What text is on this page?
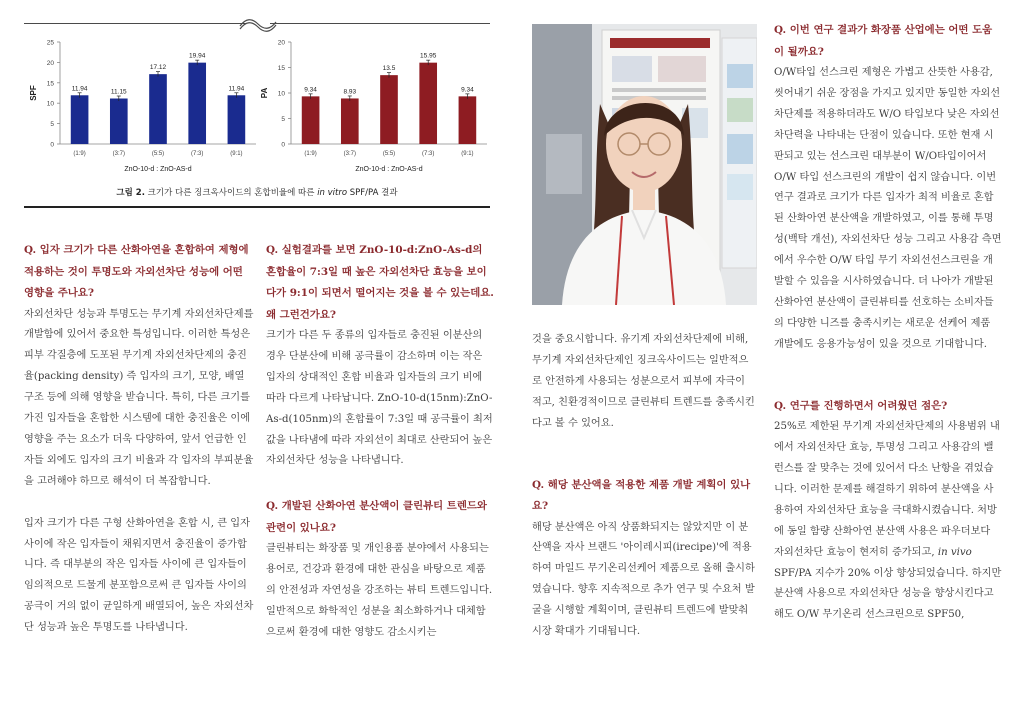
0
5
10
15
20
25
SPF	11.94
(1:9)
11.15
(3:7)
17.12
(5:5)
19.94
(7:3)
11.94
(9:1)
ZnO-10-d : ZnO-AS-d
0
5
10
15
20
PA	9.34
(1:9)
8.93
(3:7)
13.5
(5:5)
15.95
(7:3)
9.34
(9:1)
ZnO-10-d : ZnO-AS-d
그림 2. 크기가 다른 징크옥사이드의 혼합비율에 따른 in vitro SPF/PA 결과

Q. 입자 크기가 다른 산화아연을 혼합하여 제형에 적용하는 것이 투명도와 자외선차단 성능에 어떤 영향을 주나요?

자외선차단 성능과 투명도는 무기계 자외선차단제를 개발함에 있어서 중요한 특성입니다. 이러한 특성은 피부 각질층에 도포된 무기계 자외선차단제의 충진율(packing density) 즉 입자의 크기, 모양, 배열 구조 등에 의해 영향을 받습니다. 특히, 다른 크기를 가진 입자들을 혼합한 시스템에 대한 충진율은 이에 영향을 주는 요소가 더욱 다양하여, 앞서 언급한 인자들 외에도 입자의 크기 비율과 각 입자의 부피분율을 고려해야 하므로 해석이 더 복잡합니다.

입자 크기가 다른 구형 산화아연을 혼합 시, 큰 입자 사이에 작은 입자들이 채워지면서 충진율이 증가합니다. 즉 대부분의 작은 입자들 사이에 큰 입자들이 임의적으로 드물게 분포함으로써 큰 입자들 사이의 공극이 거의 없이 균일하게 배열되어, 높은 자외선차단 성능과 높은 투명도를 나타냅니다.

Q. 실험결과를 보면 ZnO-10-d:ZnO-As-d의 혼합율이 7:3일 때 높은 자외선차단 효능을 보이다가 9:1이 되면서 떨어지는 것을 볼 수 있는데요. 왜 그런건가요?

크기가 다른 두 종류의 입자들로 충진된 이분산의 경우 단분산에 비해 공극률이 감소하며 이는 작은 입자의 상대적인 혼합 비율과 입자들의 크기 비에 따라 다르게 나타납니다. ZnO-10-d(15nm):ZnO-As-d(105nm)의 혼합률이 7:3일 때 공극률이 최저값을 나타냄에 따라 자외선이 최대로 산란되어 높은 자외선차단 성능을 나타냅니다.

Q. 개발된 산화아연 분산액이 클린뷰티 트렌드와 관련이 있나요?

클린뷰티는 화장품 및 개인용품 분야에서 사용되는 용어로, 건강과 환경에 대한 관심을 바탕으로 제품의 안전성과 자연성을 강조하는 뷰티 트렌드입니다. 일반적으로 화학적인 성분을 최소화하거나 대체함으로써 환경에 대한 영향도 감소시키는

것을 중요시합니다. 유기계 자외선차단제에 비해, 무기계 자외선차단제인 징크옥사이드는 일반적으로 안전하게 사용되는 성분으로서 피부에 자극이 적고, 친환경적이므로 클린뷰티 트렌드를 충족시킨다고 볼 수 있어요.

Q. 해당 분산액을 적용한 제품 개발 계획이 있나요?

해당 분산액은 아직 상품화되지는 않았지만 이 분산액을 자사 브랜드 '아이레시피(irecipe)'에 적용하여 마일드 무기온리선케어 제품으로 올해 출시하였습니다. 향후 지속적으로 추가 연구 및 수요처 발굴을 시행할 계획이며, 클린뷰티 트렌드에 발맞춰 시장 확대가 기대됩니다.

Q. 이번 연구 결과가 화장품 산업에는 어떤 도움이 될까요?

O/W타입 선스크린 제형은 가볍고 산뜻한 사용감, 씻어내기 쉬운 장점을 가지고 있지만 동일한 자외선차단제를 적용하더라도 W/O 타입보다 낮은 자외선차단력을 나타내는 단점이 있습니다. 또한 현재 시판되고 있는 선스크린 대부분이 W/O타입이어서 O/W 타입 선스크린의 개발이 쉽지 않습니다. 이번 연구 결과로 크기가 다른 입자가 최적 비율로 혼합된 산화아연 분산액을 개발하였고, 이를 통해 투명성(백탁 개선), 자외선차단 성능 그리고 사용감 측면에서 우수한 O/W 타입 무기 자외선선스크린을 개발할 수 있음을 시사하였습니다. 더 나아가 개발된 산화아연 분산액이 클린뷰티를 선호하는 소비자들의 다양한 니즈를 충족시키는 새로운 선케어 제품 개발에도 응용가능성이 있을 것으로 기대합니다.

Q. 연구를 진행하면서 어려웠던 점은?

25%로 제한된 무기계 자외선차단제의 사용범위 내에서 자외선차단 효능, 투명성 그리고 사용감의 밸런스를 잘 맞추는 것에 있어서 다소 난항을 겪었습니다. 이러한 문제를 해결하기 위하여 분산액을 사용하여 자외선차단 효능을 극대화시켰습니다. 처방에 동일 함량 산화아연 분산액 사용은 파우더보다 자외선차단 효능이 현저히 증가되고, in vivo SPF/PA 지수가 20% 이상 향상되었습니다. 하지만 분산액 사용으로 자외선차단 성능을 향상시킨다고 해도 O/W 무기온리 선스크린으로 SPF50,
